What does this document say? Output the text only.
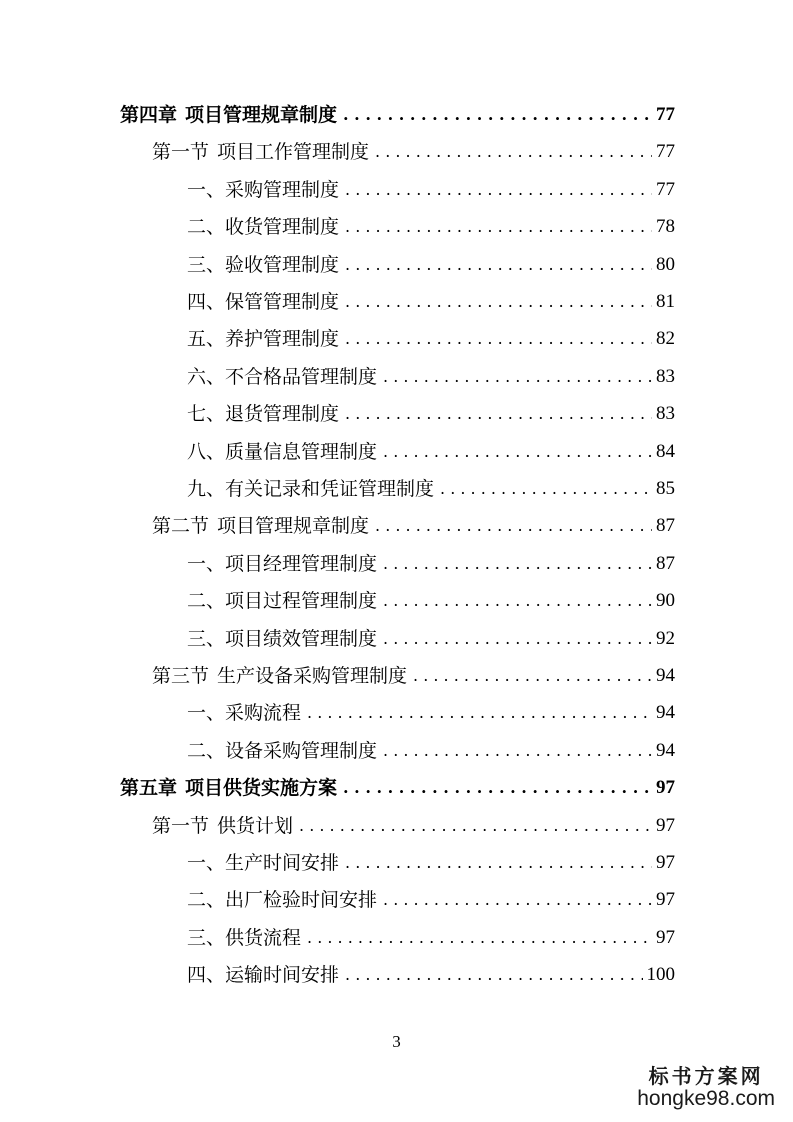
第四章 项目管理规章制度 . . .	77
第一节 项目工作管理制度 . . .	77
一、采购管理制度 . . .	77
二、收货管理制度 . . .	78
三、验收管理制度 . . .	80
四、保管管理制度 . . .	81
五、养护管理制度 . . .	82
六、不合格品管理制度 . . .	83
七、退货管理制度 . . .	83
八、质量信息管理制度 . . .	84
九、有关记录和凭证管理制度 . . .	85
第二节 项目管理规章制度 . . .	87
一、项目经理管理制度 . . .	87
二、项目过程管理制度 . . .	90
三、项目绩效管理制度 . . .	92
第三节 生产设备采购管理制度 . . .	94
一、采购流程 . . .	94
二、设备采购管理制度 . . .	94
第五章 项目供货实施方案 . . .	97
第一节 供货计划 . . .	97
一、生产时间安排 . . .	97
二、出厂检验时间安排 . . .	97
三、供货流程 . . .	97
四、运输时间安排 . . .	100
3
标书方案网
hongke98.com
